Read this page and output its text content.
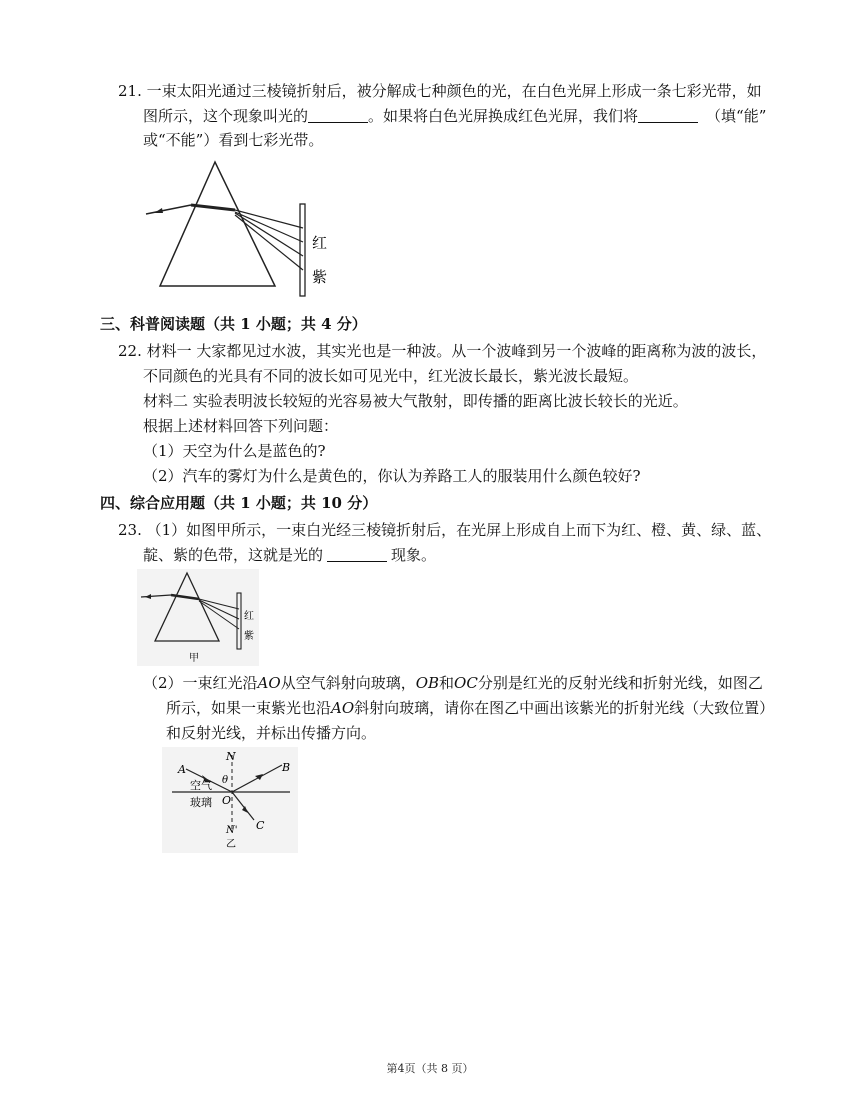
21. 一束太阳光通过三棱镜折射后，被分解成七种颜色的光，在白色光屏上形成一条七彩光带，如
图所示，这个现象叫光的	。如果将白色光屏换成红色光屏，我们将	（填“能”
或“不能”）看到七彩光带。
红
紫
三、科普阅读题（共 1 小题；共 4 分）
22. 材料一 大家都见过水波，其实光也是一种波。从一个波峰到另一个波峰的距离称为波的波长，
不同颜色的光具有不同的波长如可见光中，红光波长最长，紫光波长最短。
材料二 实验表明波长较短的光容易被大气散射，即传播的距离比波长较长的光近。
根据上述材料回答下列问题：
（1）天空为什么是蓝色的?
（2）汽车的雾灯为什么是黄色的，你认为养路工人的服装用什么颜色较好?
四、综合应用题（共 1 小题；共 10 分）
23. （1）如图甲所示，一束白光经三棱镜折射后，在光屏上形成自上而下为红、橙、黄、绿、蓝、
靛、紫的色带，这就是光的	现象。
红
紫
甲
（2）一束红光沿AO从空气斜射向玻璃，OB和OC分别是红光的反射光线和折射光线，如图乙
所示，如果一束紫光也沿AO斜射向玻璃，请你在图乙中画出该紫光的折射光线（大致位置）
和反射光线，并标出传播方向。
A
N
θ
B
空气
玻璃 O
N' C
乙
第4页（共 8 页）
